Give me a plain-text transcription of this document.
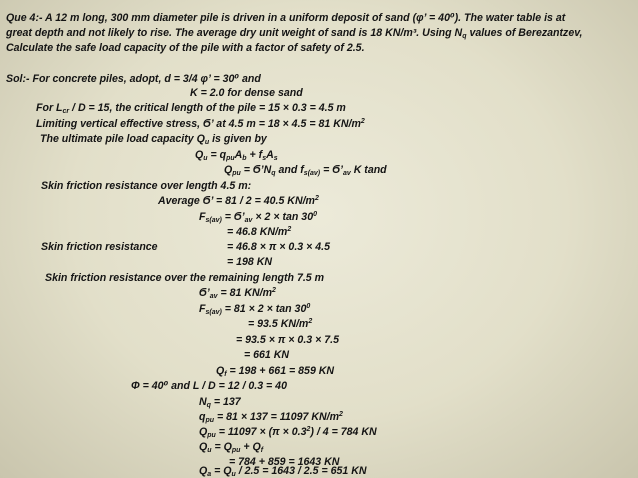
Que 4:- A 12 m long, 300 mm diameter pile is driven in a uniform deposit of sand (φ’ = 40⁰). The water table is at
great depth and not likely to rise. The average dry unit weight of sand is 18 KN/m³. Using $N_q$ values of Berezantzev,
Calculate the safe load capacity of the pile with a factor of safety of 2.5.
Sol:- For concrete piles, adopt, d = 3/4 φ’ = 30⁰ and
K = 2.0 for dense sand
For $L_{cr} / D = 15$, the critical length of the pile = 15 × 0.3 = 4.5 m
Limiting vertical effective stress, Ϭ’ at 4.5 m = 18 × 4.5 = 81 $KN/m^2$
The ultimate pile load capacity $Q_u$ is given by
$Q_u = q_{pu}A_b + f_sA_s$
$Q_{pu}$ = $Ϭ’N_q$ and $f_{s(av)}$ = $Ϭ’_{av}$ K tand
Skin friction resistance over length 4.5 m:
Average Ϭ’ = 81 / 2 = 40.5 $KN/m^2$
$F_{s(av)}$ = $Ϭ’_{av} \times 2 \times \tan 30^0$
= 46.8 $KN/m^2$
Skin friction resistance	= 46.8 × π × 0.3 × 4.5
= 198 KN
Skin friction resistance over the remaining length 7.5 m
$Ϭ’_{av} = 81$ $KN/m^2$
$F_{s(av)} = 81 \times 2 \times \tan 30^0$
= 93.5 $KN/m^2$
= 93.5 × π × 0.3 × 7.5
= 661 KN
$Q_f = 198 + 661 = 859$ KN
Φ = 40⁰ and L / D = 12 / 0.3 = 40
$N_q = 137$
$q_{pu} = 81 \times 137 = 11097$ $KN/m^2$
$Q_{pu} = 11097 \times (\pi \times 0.3^2) / 4 = 784$ KN
$Q_u = Q_{pu} + Q_f$
= 784 + 859 = 1643 KN
$Q_a = Q_u / 2.5 = 1643 / 2.5 = 651$ KN
